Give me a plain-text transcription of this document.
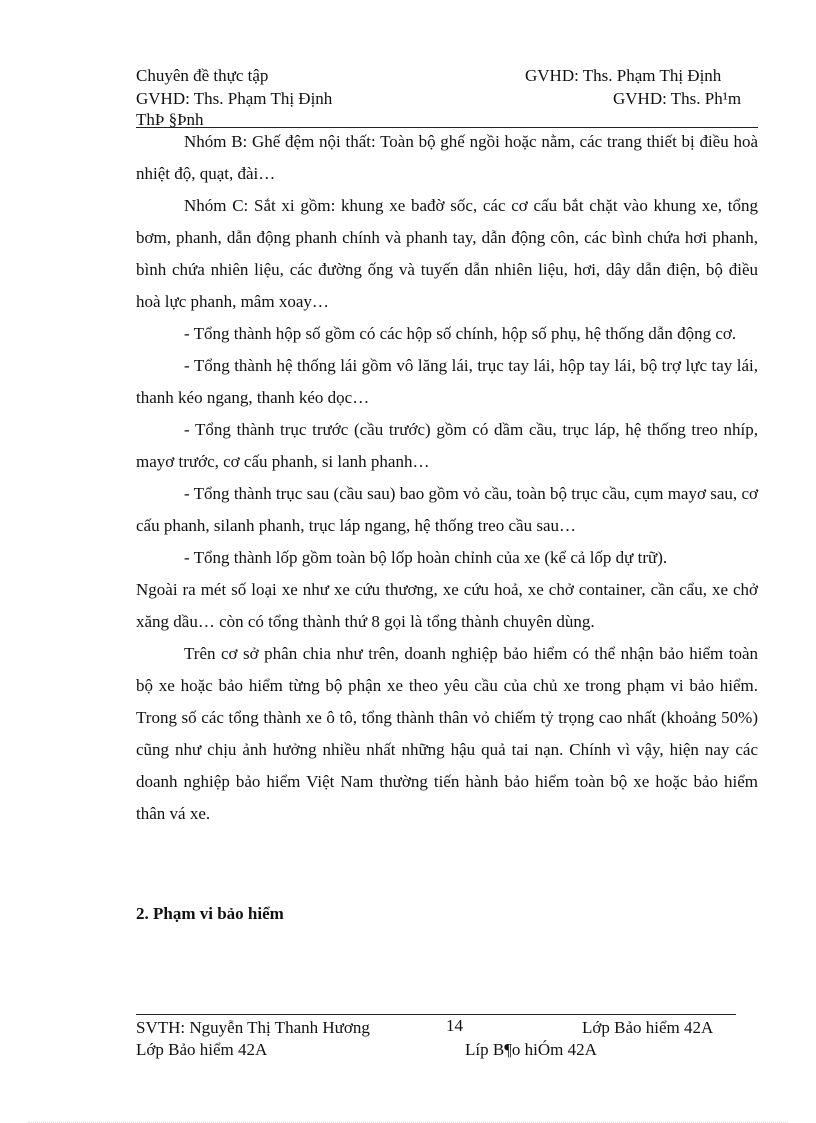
Chuyên đề thực tập	GVHD: Ths. Phạm Thị Định
GVHD: Ths. Phạm Thị Định	GVHD: Ths. Ph¹m
ThÞ §Þnh

Nhóm B: Ghế đệm nội thất: Toàn bộ ghế ngồi hoặc nằm, các trang thiết bị điều hoà nhiệt độ, quạt, đài…

Nhóm C: Sắt xi gồm: khung xe bađờ sốc, các cơ cấu bắt chặt vào khung xe, tổng bơm, phanh, dẫn động phanh chính và phanh tay, dẫn động côn, các bình chứa hơi phanh, bình chứa nhiên liệu, các đường ống và tuyến dẫn nhiên liệu, hơi, dây dẫn điện, bộ điều hoà lực phanh, mâm xoay…

- Tổng thành hộp số gồm có các hộp số chính, hộp số phụ, hệ thống dẫn động cơ.

- Tổng thành hệ thống lái gồm vô lăng lái, trục tay lái, hộp tay lái, bộ trợ lực tay lái, thanh kéo ngang, thanh kéo dọc…

- Tổng thành trục trước (cầu trước) gồm có dầm cầu, trục láp, hệ thống treo nhíp, mayơ trước, cơ cấu phanh, si lanh phanh…

- Tổng thành trục sau (cầu sau) bao gồm vỏ cầu, toàn bộ trục cầu, cụm mayơ sau, cơ cấu phanh, silanh phanh, trục láp ngang, hệ thống treo cầu sau…

- Tổng thành lốp gồm toàn bộ lốp hoàn chỉnh của xe (kể cả lốp dự trữ).

Ngoài ra mét số loại xe như xe cứu thương, xe cứu hoả, xe chở container, cần cẩu, xe chở xăng dầu… còn có tổng thành thứ 8 gọi là tổng thành chuyên dùng.

Trên cơ sở phân chia như trên, doanh nghiệp bảo hiểm có thể nhận bảo hiểm toàn bộ xe hoặc bảo hiểm từng bộ phận xe theo yêu cầu của chủ xe trong phạm vi bảo hiểm. Trong số các tổng thành xe ô tô, tổng thành thân vỏ chiếm tỷ trọng cao nhất (khoảng 50%) cũng như chịu ảnh hưởng nhiều nhất những hậu quả tai nạn. Chính vì vậy, hiện nay các doanh nghiệp bảo hiểm Việt Nam thường tiến hành bảo hiểm toàn bộ xe hoặc bảo hiểm thân vá xe.

2. Phạm vi bảo hiểm
SVTH: Nguyễn Thị Thanh Hương	14	Lớp Bảo hiểm 42A
Lớp Bảo hiểm 42A	Líp B¶o hiÓm 42A
